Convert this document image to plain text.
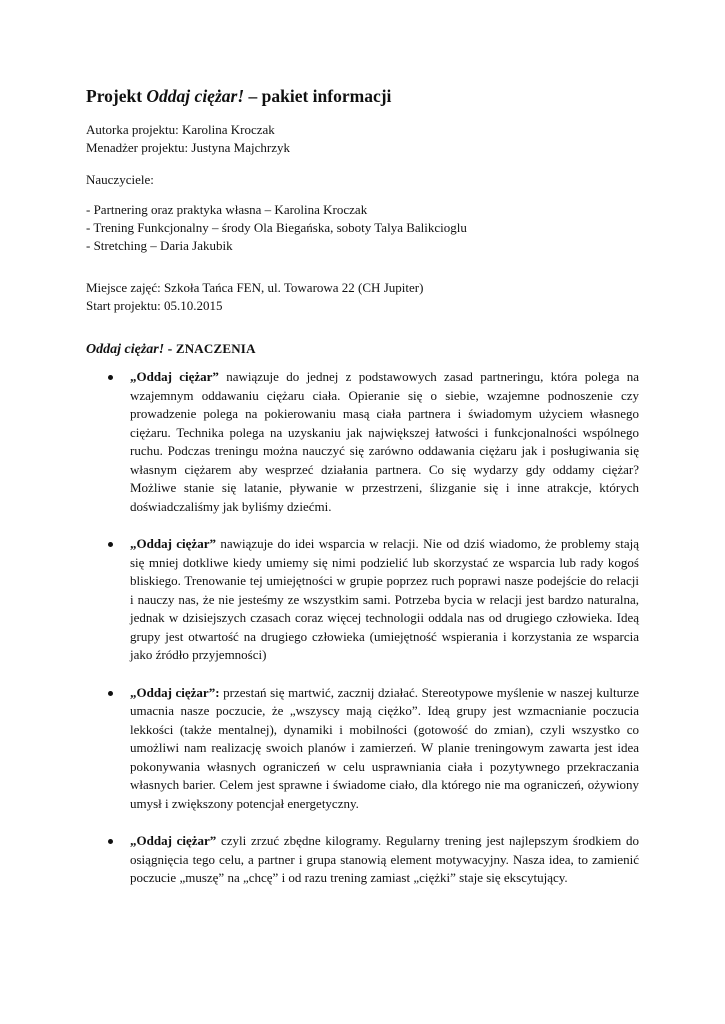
Projekt Oddaj ciężar! – pakiet informacji

Autorka projektu: Karolina Kroczak

Menadżer projektu: Justyna Majchrzyk

Nauczyciele:

- Partnering oraz praktyka własna – Karolina Kroczak

- Trening Funkcjonalny – środy Ola Biegańska, soboty Talya Balikcioglu

- Stretching – Daria Jakubik

Miejsce zajęć: Szkoła Tańca FEN, ul. Towarowa 22 (CH Jupiter)

Start projektu: 05.10.2015

Oddaj ciężar! - ZNACZENIA
„Oddaj ciężar” nawiązuje do jednej z podstawowych zasad partneringu, która polega na wzajemnym oddawaniu ciężaru ciała. Opieranie się o siebie, wzajemne podnoszenie czy prowadzenie polega na pokierowaniu masą ciała partnera i świadomym użyciem własnego ciężaru. Technika polega na uzyskaniu jak największej łatwości i funkcjonalności wspólnego ruchu. Podczas treningu można nauczyć się zarówno oddawania ciężaru jak i posługiwania się własnym ciężarem aby wesprzeć działania partnera. Co się wydarzy gdy oddamy ciężar? Możliwe stanie się latanie, pływanie w przestrzeni, ślizganie się i inne atrakcje, których doświadczaliśmy jak byliśmy dziećmi.
„Oddaj ciężar” nawiązuje do idei wsparcia w relacji. Nie od dziś wiadomo, że problemy stają się mniej dotkliwe kiedy umiemy się nimi podzielić lub skorzystać ze wsparcia lub rady kogoś bliskiego. Trenowanie tej umiejętności w grupie poprzez ruch poprawi nasze podejście do relacji i nauczy nas, że nie jesteśmy ze wszystkim sami. Potrzeba bycia w relacji jest bardzo naturalna, jednak w dzisiejszych czasach coraz więcej technologii oddala nas od drugiego człowieka. Ideą grupy jest otwartość na drugiego człowieka (umiejętność wspierania i korzystania ze wsparcia jako źródło przyjemności)
„Oddaj ciężar”: przestań się martwić, zacznij działać. Stereotypowe myślenie w naszej kulturze umacnia nasze poczucie, że „wszyscy mają ciężko”. Ideą grupy jest wzmacnianie poczucia lekkości (także mentalnej), dynamiki i mobilności (gotowość do zmian), czyli wszystko co umożliwi nam realizację swoich planów i zamierzeń. W planie treningowym zawarta jest idea pokonywania własnych ograniczeń w celu usprawniania ciała i pozytywnego przekraczania własnych barier. Celem jest sprawne i świadome ciało, dla którego nie ma ograniczeń, ożywiony umysł i zwiększony potencjał energetyczny.
„Oddaj ciężar” czyli zrzuć zbędne kilogramy. Regularny trening jest najlepszym środkiem do osiągnięcia tego celu, a partner i grupa stanowią element motywacyjny. Nasza idea, to zamienić poczucie „muszę” na „chcę” i od razu trening zamiast „ciężki” staje się ekscytujący.
